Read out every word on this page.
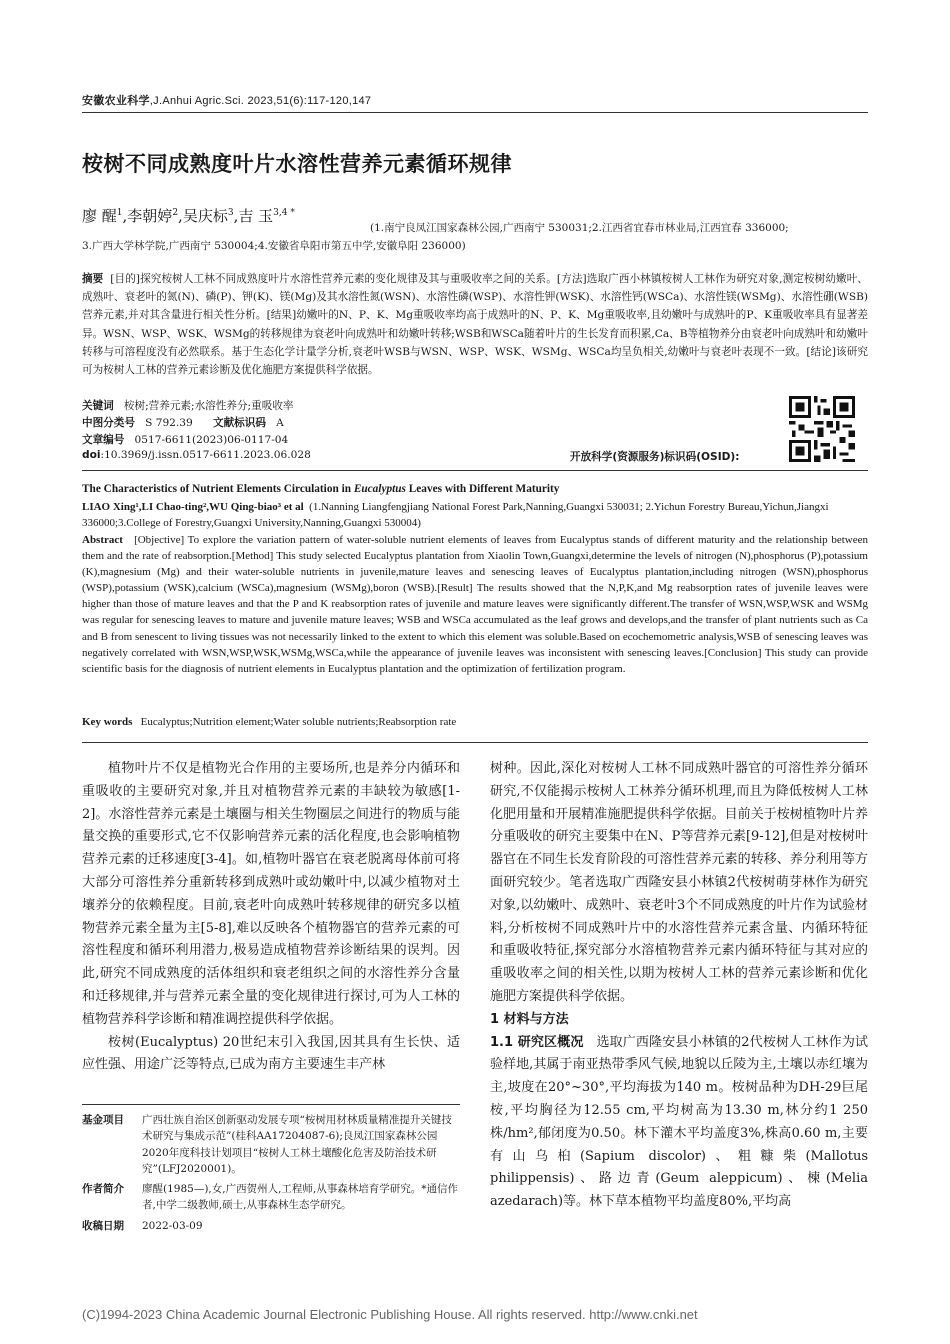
安徽农业科学,J.Anhui Agric.Sci. 2023,51(6):117-120,147
桉树不同成熟度叶片水溶性营养元素循环规律
廖 醒$^1$,李朝婷$^2$,吴庆标$^3$,吉 玉$^{3,4 *}$
(1.南宁良凤江国家森林公园,广西南宁 530031;2.江西省宜春市林业局,江西宜春 336000;
3.广西大学林学院,广西南宁 530004;4.安徽省阜阳市第五中学,安徽阜阳 236000)
摘要 [目的]探究桉树人工林不同成熟度叶片水溶性营养元素的变化规律及其与重吸收率之间的关系。[方法]选取广西小林镇桉树人工林作为研究对象,测定桉树幼嫩叶、成熟叶、衰老叶的氮(N)、磷(P)、钾(K)、镁(Mg)及其水溶性氮(WSN)、水溶性磷(WSP)、水溶性钾(WSK)、水溶性钙(WSCa)、水溶性镁(WSMg)、水溶性硼(WSB)营养元素,并对其含量进行相关性分析。[结果]幼嫩叶的N、P、K、Mg重吸收率均高于成熟叶的N、P、K、Mg重吸收率,且幼嫩叶与成熟叶的P、K重吸收率具有显著差异。WSN、WSP、WSK、WSMg的转移规律为衰老叶向成熟叶和幼嫩叶转移;WSB和WSCa随着叶片的生长发育而积累,Ca、B等植物养分由衰老叶向成熟叶和幼嫩叶转移与可溶程度没有必然联系。基于生态化学计量学分析,衰老叶WSB与WSN、WSP、WSK、WSMg、WSCa均呈负相关,幼嫩叶与衰老叶表现不一致。[结论]该研究可为桉树人工林的营养元素诊断及优化施肥方案提供科学依据。
关键词 桉树;营养元素;水溶性养分;重吸收率
中图分类号 S 792.39 文献标识码 A
文章编号 0517-6611(2023)06-0117-04
doi:10.3969/j.issn.0517-6611.2023.06.028	开放科学(资源服务)标识码(OSID):
The Characteristics of Nutrient Elements Circulation in Eucalyptus Leaves with Different Maturity
LIAO Xing¹,LI Chao-ting²,WU Qing-biao³ et al (1.Nanning Liangfengjiang National Forest Park,Nanning,Guangxi 530031; 2.Yichun Forestry Bureau,Yichun,Jiangxi 336000;3.College of Forestry,Guangxi University,Nanning,Guangxi 530004)
Abstract [Objective] To explore the variation pattern of water-soluble nutrient elements of leaves from Eucalyptus stands of different maturity and the relationship between them and the rate of reabsorption.[Method] This study selected Eucalyptus plantation from Xiaolin Town,Guangxi,determine the levels of nitrogen (N),phosphorus (P),potassium (K),magnesium (Mg) and their water-soluble nutrients in juvenile,mature leaves and senescing leaves of Eucalyptus plantation,including nitrogen (WSN),phosphorus (WSP),potassium (WSK),calcium (WSCa),magnesium (WSMg),boron (WSB).[Result] The results showed that the N,P,K,and Mg reabsorption rates of juvenile leaves were higher than those of mature leaves and that the P and K reabsorption rates of juvenile and mature leaves were significantly different.The transfer of WSN,WSP,WSK and WSMg was regular for senescing leaves to mature and juvenile mature leaves; WSB and WSCa accumulated as the leaf grows and develops,and the transfer of plant nutrients such as Ca and B from senescent to living tissues was not necessarily linked to the extent to which this element was soluble.Based on ecochemometric analysis,WSB of senescing leaves was negatively correlated with WSN,WSP,WSK,WSMg,WSCa,while the appearance of juvenile leaves was inconsistent with senescing leaves.[Conclusion] This study can provide scientific basis for the diagnosis of nutrient elements in Eucalyptus plantation and the optimization of fertilization program.
Key words Eucalyptus;Nutrition element;Water soluble nutrients;Reabsorption rate

植物叶片不仅是植物光合作用的主要场所,也是养分内循环和重吸收的主要研究对象,并且对植物营养元素的丰缺较为敏感[1-2]。水溶性营养元素是土壤圈与相关生物圈层之间进行的物质与能量交换的重要形式,它不仅影响营养元素的活化程度,也会影响植物营养元素的迁移速度[3-4]。如,植物叶器官在衰老脱离母体前可将大部分可溶性养分重新转移到成熟叶或幼嫩叶中,以减少植物对土壤养分的依赖程度。目前,衰老叶向成熟叶转移规律的研究多以植物营养元素全量为主[5-8],难以反映各个植物器官的营养元素的可溶性程度和循环利用潜力,极易造成植物营养诊断结果的误判。因此,研究不同成熟度的活体组织和衰老组织之间的水溶性养分含量和迁移规律,并与营养元素全量的变化规律进行探讨,可为人工林的植物营养科学诊断和精准调控提供科学依据。

桉树(Eucalyptus) 20世纪末引入我国,因其具有生长快、适应性强、用途广泛等特点,已成为南方主要速生丰产林

基金项目	广西壮族自治区创新驱动发展专项“桉树用材林质量精准提升关键技术研究与集成示范”(桂科AA17204087-6);良凤江国家森林公园2020年度科技计划项目“桉树人工林土壤酸化危害及防治技术研究”(LFJ2020001)。
作者简介	廖醒(1985—),女,广西贺州人,工程师,从事森林培育学研究。*通信作者,中学二级教师,硕士,从事森林生态学研究。
收稿日期	2022-03-09

树种。因此,深化对桉树人工林不同成熟叶器官的可溶性养分循环研究,不仅能揭示桉树人工林养分循环机理,而且为降低桉树人工林化肥用量和开展精准施肥提供科学依据。目前关于桉树植物叶片养分重吸收的研究主要集中在N、P等营养元素[9-12],但是对桉树叶器官在不同生长发育阶段的可溶性营养元素的转移、养分利用等方面研究较少。笔者选取广西隆安县小林镇2代桉树萌芽林作为研究对象,以幼嫩叶、成熟叶、衰老叶3个不同成熟度的叶片作为试验材料,分析桉树不同成熟叶片中的水溶性营养元素含量、内循环特征和重吸收特征,探究部分水溶植物营养元素内循环特征与其对应的重吸收率之间的相关性,以期为桉树人工林的营养元素诊断和优化施肥方案提供科学依据。

1 材料与方法

1.1 研究区概况 选取广西隆安县小林镇的2代桉树人工林作为试验样地,其属于南亚热带季风气候,地貌以丘陵为主,土壤以赤红壤为主,坡度在20°~30°,平均海拔为140 m。桉树品种为DH-29巨尾桉,平均胸径为12.55 cm,平均树高为13.30 m,林分约1 250株/hm²,郁闭度为0.50。林下灌木平均盖度3%,株高0.60 m,主要有山乌桕(Sapium discolor)、粗糠柴(Mallotus philippensis)、路边青(Geum aleppicum)、楝(Melia azedarach)等。林下草本植物平均盖度80%,平均高

(C)1994-2023 China Academic Journal Electronic Publishing House. All rights reserved. http://www.cnki.net
